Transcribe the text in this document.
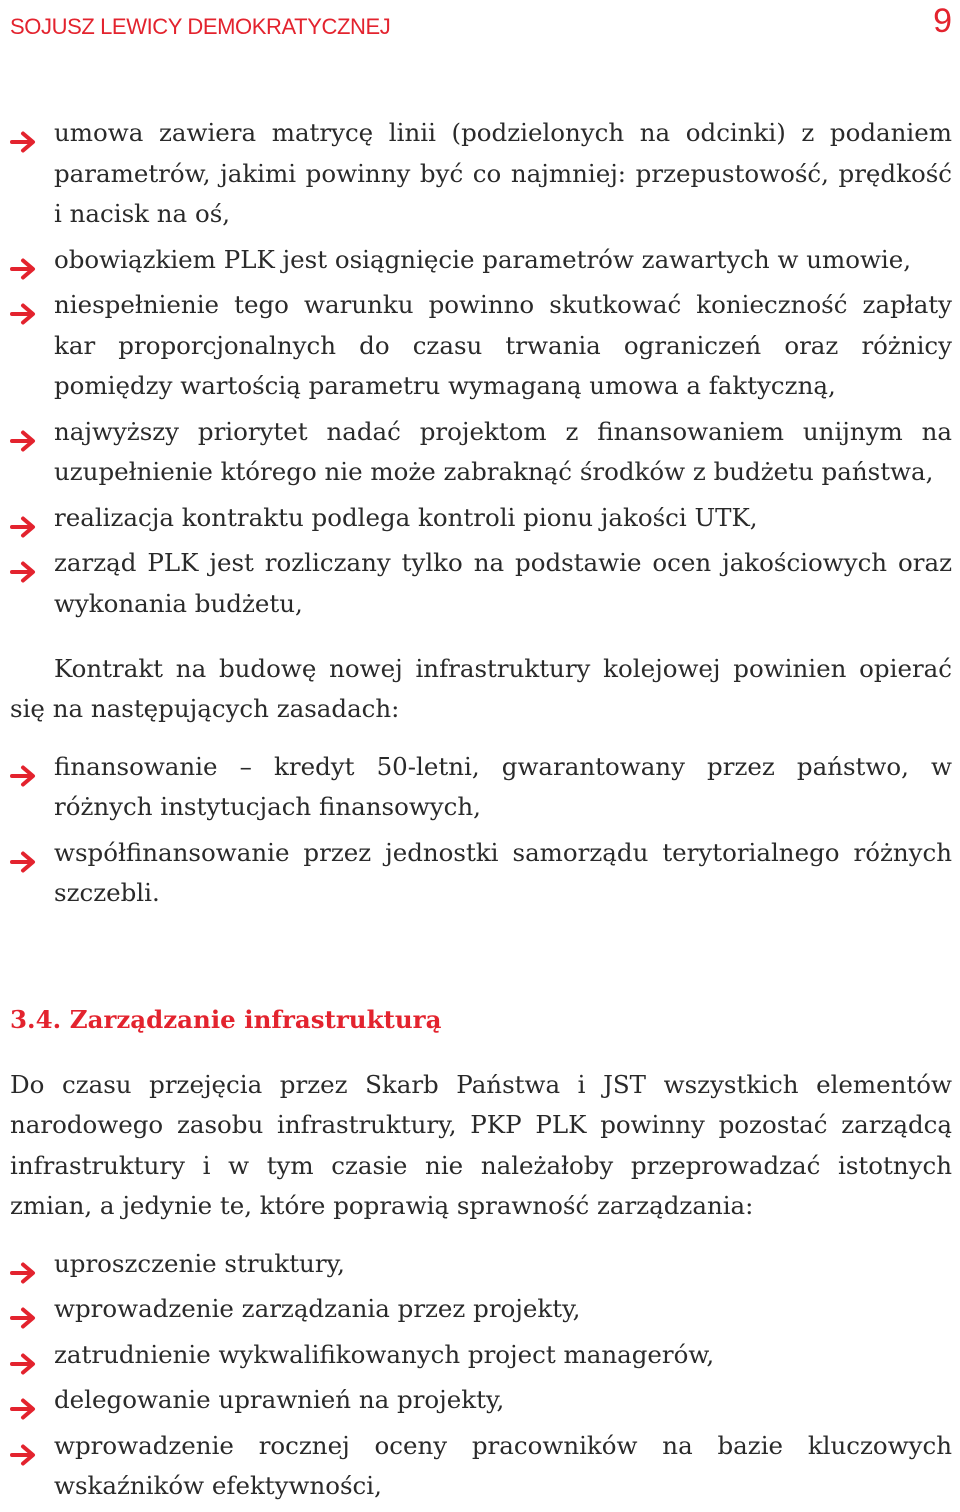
SOJUSZ LEWICY DEMOKRATYCZNEJ	9
umowa zawiera matrycę linii (podzielonych na odcinki) z podaniem parametrów, jakimi powinny być co najmniej: przepustowość, prędkość i nacisk na oś,
obowiązkiem PLK jest osiągnięcie parametrów zawartych w umowie,
niespełnienie tego warunku powinno skutkować konieczność zapłaty kar proporcjonalnych do czasu trwania ograniczeń oraz różnicy pomiędzy wartością parametru wymaganą umowa a faktyczną,
najwyższy priorytet nadać projektom z finansowaniem unijnym na uzupełnienie którego nie może zabraknąć środków z budżetu państwa,
realizacja kontraktu podlega kontroli pionu jakości UTK,
zarząd PLK jest rozliczany tylko na podstawie ocen jakościowych oraz wykonania budżetu,

Kontrakt na budowę nowej infrastruktury kolejowej powinien opierać się na następujących zasadach:

finansowanie – kredyt 50-letni, gwarantowany przez państwo, w różnych instytucjach finansowych,
współfinansowanie przez jednostki samorządu terytorialnego różnych szczebli.
3.4. Zarządzanie infrastrukturą

Do czasu przejęcia przez Skarb Państwa i JST wszystkich elementów narodowego zasobu infrastruktury, PKP PLK powinny pozostać zarządcą infrastruktury i w tym czasie nie należałoby przeprowadzać istotnych zmian, a jedynie te, które poprawią sprawność zarządzania:

uproszczenie struktury,
wprowadzenie zarządzania przez projekty,
zatrudnienie wykwalifikowanych project managerów,
delegowanie uprawnień na projekty,
wprowadzenie rocznej oceny pracowników na bazie kluczowych wskaźników efektywności,
